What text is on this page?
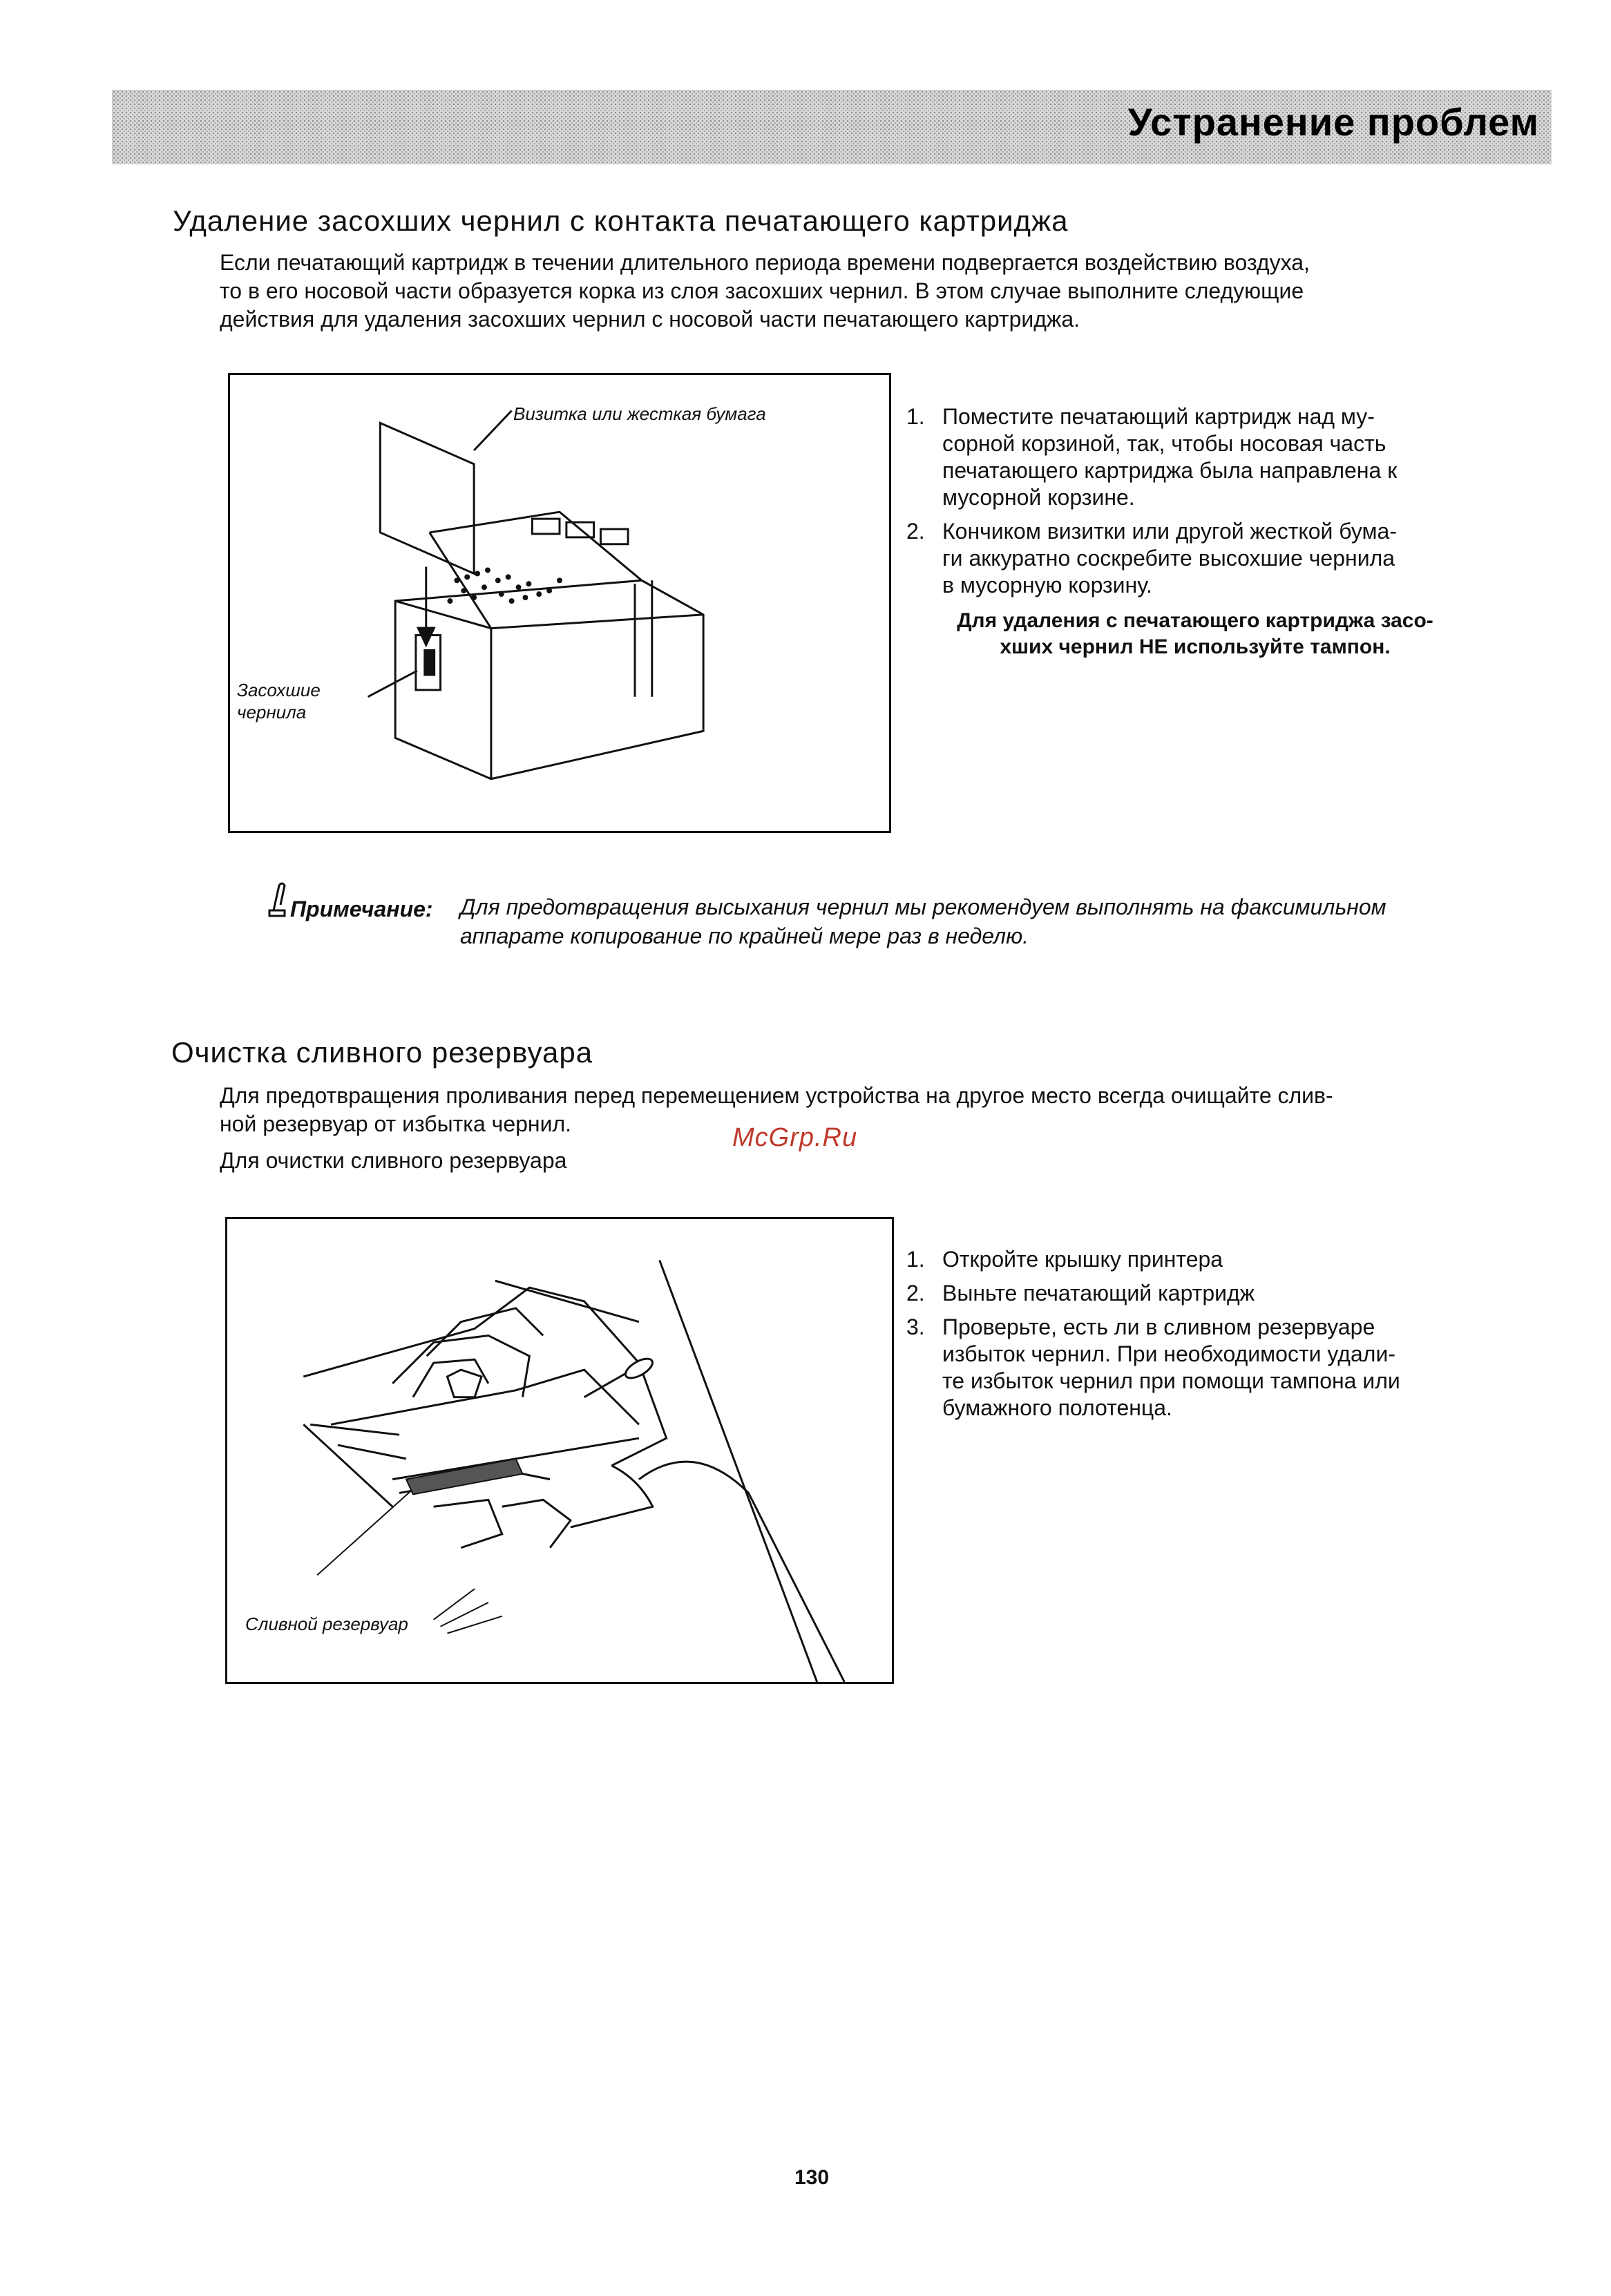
Устранение проблем
Удаление засохших чернил с контакта печатающего картриджа

Если печатающий картридж в течении длительного периода времени подвергается воздействию воздуха,
то в его носовой части образуется корка из слоя засохших чернил. В этом случае выполните следующие
действия для удаления засохших чернил с носовой части печатающего картриджа.

Визитка или жесткая бумага
Засохшие
чернила
1. Поместите печатающий картридж над му-
сорной корзиной, так, чтобы носовая часть
печатающего картриджа была направлена к
мусорной корзине.
2. Кончиком визитки или другой жесткой бума-
ги аккуратно соскребите высохшие чернила
в мусорную корзину.

Для удаления с печатающего картриджа засо-
хших чернил НЕ используйте тампон.

Примечание: Для предотвращения высыхания чернил мы рекомендуем выполнять на факсимильном
аппарате копирование по крайней мере раз в неделю.

Очистка сливного резервуара

Для предотвращения проливания перед перемещением устройства на другое место всегда очищайте слив-
ной резервуар от избытка чернил.

Для очистки сливного резервуара

MсGrp.Ru
Сливной резервуар
1. Откройте крышку принтера
2. Выньте печатающий картридж
3. Проверьте, есть ли в сливном резервуаре
избыток чернил. При необходимости удали-
те избыток чернил при помощи тампона или
бумажного полотенца.
130
